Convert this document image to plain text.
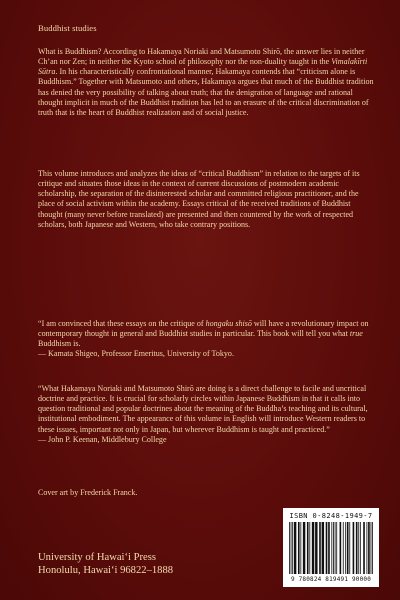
Buddhist studies

What is Buddhism? According to Hakamaya Noriaki and Matsumoto Shirō, the answer lies in neither Ch’an nor Zen; in neither the Kyoto school of philosophy nor the non-duality taught in the Vimalakīrti Sūtra. In his characteristically confrontational manner, Hakamaya contends that “criticism alone is Buddhism.” Together with Matsumoto and others, Hakamaya argues that much of the Buddhist tradition has denied the very possibility of talking about truth; that the denigration of language and rational thought implicit in much of the Buddhist tradition has led to an erasure of the critical discrimination of truth that is the heart of Buddhist realization and of social justice.

This volume introduces and analyzes the ideas of “critical Buddhism” in relation to the targets of its critique and situates those ideas in the context of current discussions of postmodern academic scholarship, the separation of the disinterested scholar and committed religious practitioner, and the place of social activism within the academy. Essays critical of the received traditions of Buddhist thought (many never before translated) are presented and then countered by the work of respected scholars, both Japanese and Western, who take contrary positions.

“I am convinced that these essays on the critique of hongaku shisō will have a revolutionary impact on contemporary thought in general and Buddhist studies in particular. This book will tell you what true Buddhism is.
— Kamata Shigeo, Professor Emeritus, University of Tokyo.

“What Hakamaya Noriaki and Matsumoto Shirō are doing is a direct challenge to facile and uncritical doctrine and practice. It is crucial for scholarly circles within Japanese Buddhism in that it calls into question traditional and popular doctrines about the meaning of the Buddha’s teaching and its cultural, institutional embodiment. The appearance of this volume in English will introduce Western readers to these issues, important not only in Japan, but wherever Buddhism is taught and practiced.”
— John P. Keenan, Middlebury College

Cover art by Frederick Franck.
University of Hawai‘i Press
Honolulu, Hawai‘i 96822–1888
ISBN 0-8248-1949-7
9 780824 819491 90000
